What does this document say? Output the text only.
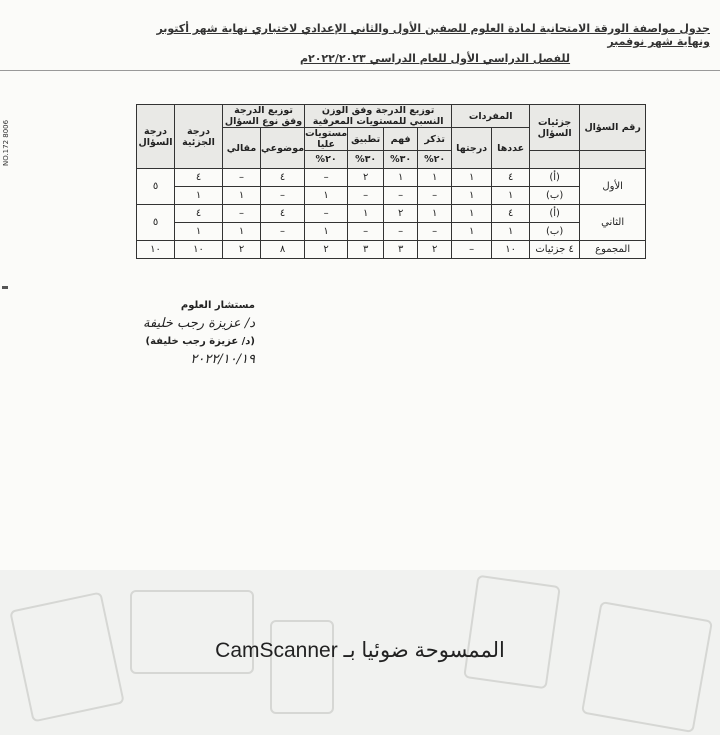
جدول مواصفة الورقة الامتحانية لمادة العلوم للصفين الأول والثاني الإعدادي لاختباري نهاية شهر أكتوبر ونهاية شهر نوفمبر
للفصل الدراسي الأول للعام الدراسي ٢٠٢٢/٢٠٢٣م
NO.172 8006	رقم السؤال	جزئيات السؤال	المفردات		توزيع الدرجة وفق الوزن النسبي للمستويات المعرفية				توزيع الدرجة وفق نوع السؤال		درجة الجزئية	درجة السؤال
		عددها	درجتها	تذكر	فهم	تطبيق	مستويات عليا	موضوعي	مقالي		
				٢٠%	٣٠%	٣٠%	٢٠%				
الأول	(أ)	٤	١	١	١	٢	–	٤	–	٤	٥
	(ب)	١	١	–	–	–	١	–	١	١	
الثاني	(أ)	٤	١	١	٢	١	–	٤	–	٤	٥
	(ب)	١	١	–	–	–	١	–	١	١	
المجموع	٤ جزئيات	١٠	–	٢	٣	٣	٢	٨	٢	١٠	١٠
مستشار العلوم
د/ عزيزة رجب خليفة
(د/ عزيزة رجب خليفة)
٢٠٢٢/١٠/١٩
الممسوحة ضوئيا بـ CamScanner
